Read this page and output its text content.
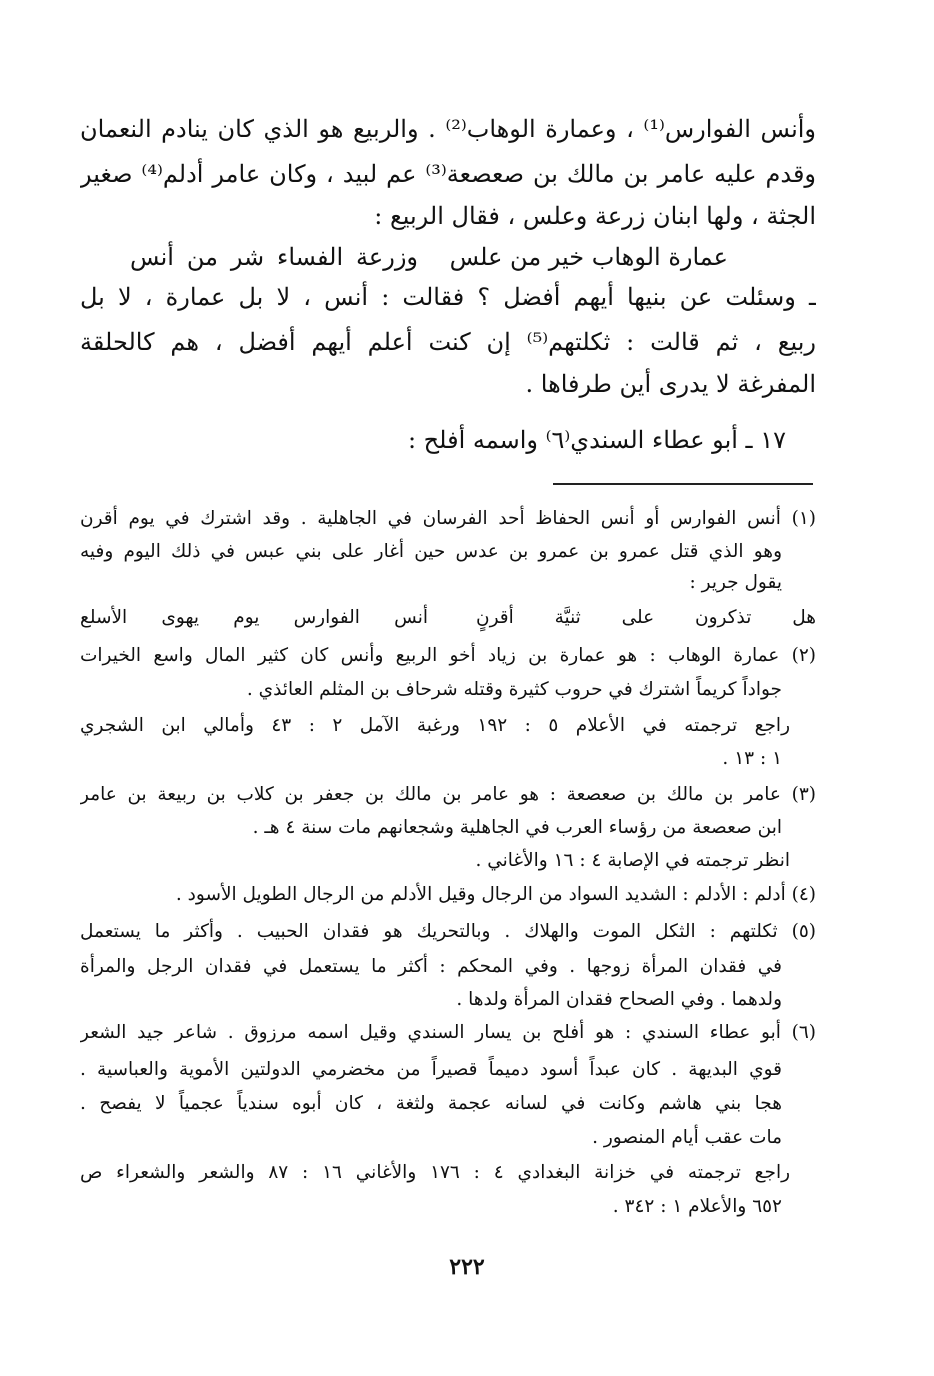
وأنس الفوارس⁽¹⁾ ، وعمارة الوهاب⁽²⁾ . والربيع هو الذي كان ينادم النعمان
وقدم عليه عامر بن مالك بن صعصعة⁽³⁾ عم لبيد ، وكان عامر أدلم⁽⁴⁾ صغير
الجثة ، ولها ابنان زرعة وعلس ، فقال الربيع :
عمارة الوهاب خير من علس
وزرعة الفساء شر من أنس
ـ وسئلت عن بنيها أيهم أفضل ؟ فقالت : أنس ، لا بل عمارة ، لا بل
ربيع ، ثم قالت : ثكلتهم⁽⁵⁾ إن كنت أعلم أيهم أفضل ، هم كالحلقة
المفرغة لا يدرى أين طرفاها .
١٧ ـ أبو عطاء السندي⁽٦⁾ واسمه أفلح :
(١) أنس الفوارس أو أنس الحفاظ أحد الفرسان في الجاهلية . وقد اشترك في يوم أقرن
وهو الذي قتل عمرو بن عمرو بن عدس حين أغار على بني عبس في ذلك اليوم وفيه
يقول جرير :
هل تذكرون على ثنيَّة أقرنٍ
أنس الفوارس يوم يهوى الأسلع
(٢) عمارة الوهاب : هو عمارة بن زياد أخو الربيع وأنس كان كثير المال واسع الخيرات
جواداً كريماً اشترك في حروب كثيرة وقتله شرحاف بن المثلم العائذي .
راجع ترجمته في الأعلام ٥ : ١٩٢ ورغبة الآمل ٢ : ٤٣ وأمالي ابن الشجري
١ : ١٣ .
(٣) عامر بن مالك بن صعصعة : هو عامر بن مالك بن جعفر بن كلاب بن ربيعة بن عامر
ابن صعصعة من رؤساء العرب في الجاهلية وشجعانهم مات سنة ٤ هـ .
انظر ترجمته في الإصابة ٤ : ١٦ والأغاني .
(٤) أدلم : الأدلم : الشديد السواد من الرجال وقيل الأدلم من الرجال الطويل الأسود .
(٥) ثكلتهم : الثكل الموت والهلاك . وبالتحريك هو فقدان الحبيب . وأكثر ما يستعمل
في فقدان المرأة زوجها . وفي المحكم : أكثر ما يستعمل في فقدان الرجل والمرأة
ولدهما . وفي الصحاح فقدان المرأة ولدها .
(٦) أبو عطاء السندي : هو أفلح بن يسار السندي وقيل اسمه مرزوق . شاعر جيد الشعر
قوي البديهة . كان عبداً أسود دميماً قصيراً من مخضرمي الدولتين الأموية والعباسية .
هجا بني هاشم وكانت في لسانه عجمة ولثغة ، كان أبوه سندياً عجمياً لا يفصح .
مات عقب أيام المنصور .
راجع ترجمته في خزانة البغدادي ٤ : ١٧٦ والأغاني ١٦ : ٨٧ والشعر والشعراء ص
٦٥٢ والأعلام ١ : ٣٤٢ .
٢٢٢
